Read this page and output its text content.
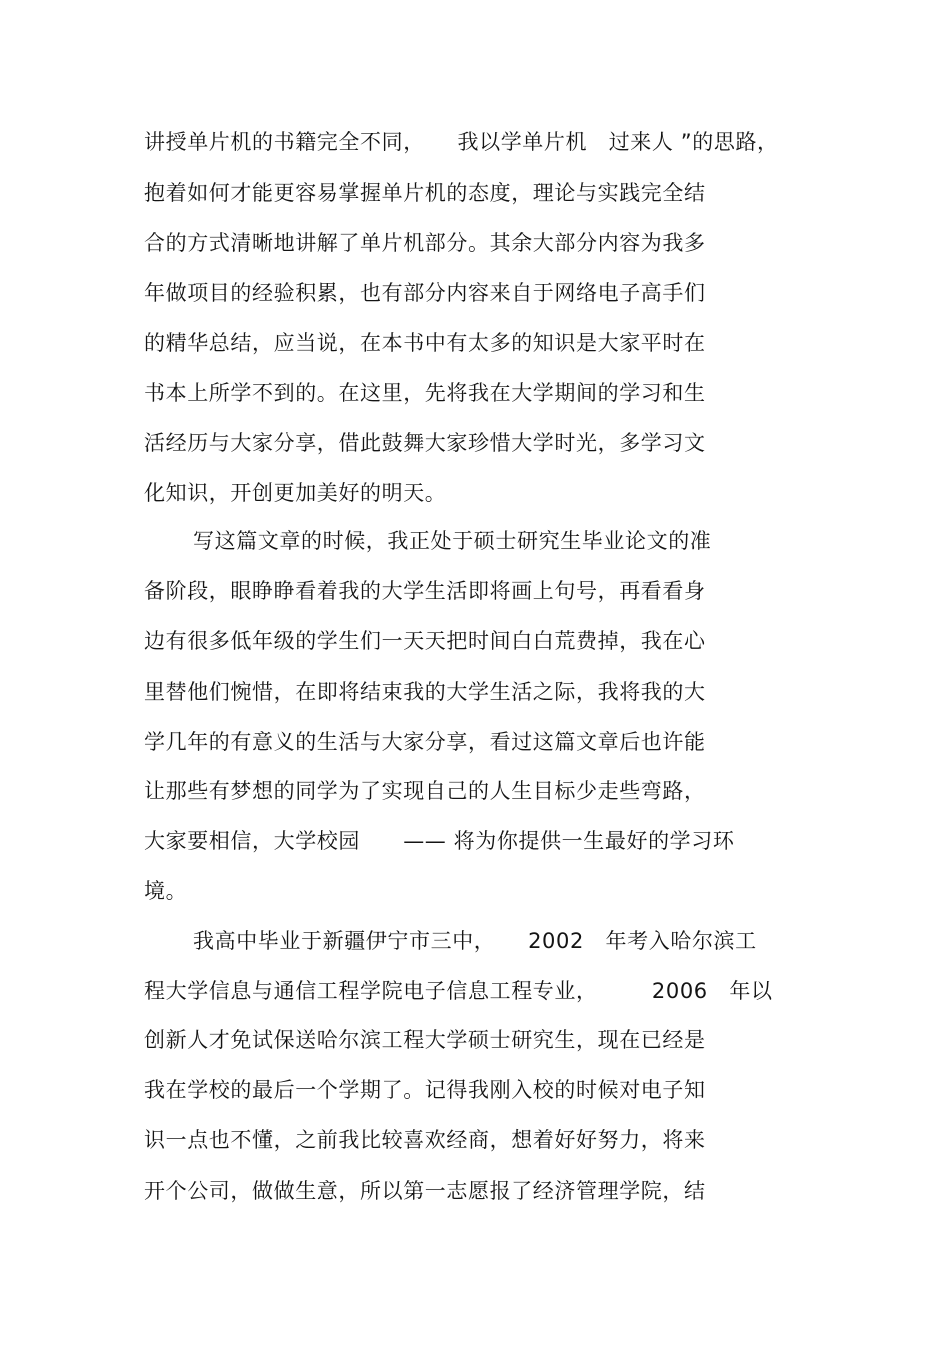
讲授单片机的书籍完全不同，　　我以学单片机　过来人 ”的思路，
抱着如何才能更容易掌握单片机的态度，理论与实践完全结
合的方式清晰地讲解了单片机部分。其余大部分内容为我多
年做项目的经验积累，也有部分内容来自于网络电子高手们
的精华总结，应当说，在本书中有太多的知识是大家平时在
书本上所学不到的。在这里，先将我在大学期间的学习和生
活经历与大家分享，借此鼓舞大家珍惜大学时光，多学习文
化知识，开创更加美好的明天。
写这篇文章的时候，我正处于硕士研究生毕业论文的准
备阶段，眼睁睁看着我的大学生活即将画上句号，再看看身
边有很多低年级的学生们一天天把时间白白荒费掉，我在心
里替他们惋惜，在即将结束我的大学生活之际，我将我的大
学几年的有意义的生活与大家分享，看过这篇文章后也许能
让那些有梦想的同学为了实现自己的人生目标少走些弯路，
大家要相信，大学校园　　—— 将为你提供一生最好的学习环
境。
我高中毕业于新疆伊宁市三中，　　2002　年考入哈尔滨工
程大学信息与通信工程学院电子信息工程专业，　　　2006　年以
创新人才免试保送哈尔滨工程大学硕士研究生，现在已经是
我在学校的最后一个学期了。记得我刚入校的时候对电子知
识一点也不懂，之前我比较喜欢经商，想着好好努力，将来
开个公司，做做生意，所以第一志愿报了经济管理学院，结
